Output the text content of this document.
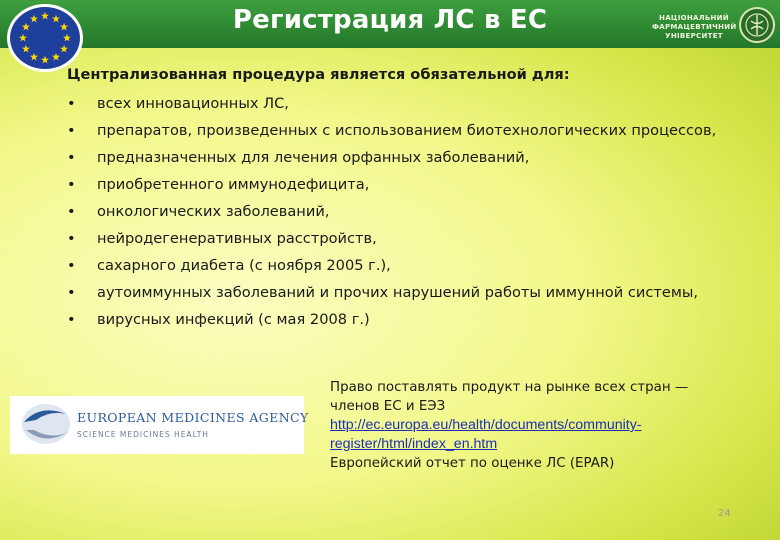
Регистрация ЛС в ЕС	НАЦІОНАЛЬНИЙ
ФАРМАЦЕВТИЧНИЙ
УНІВЕРСИТЕТ
Централизованная процедура является обязательной для:
• всех инновационных ЛС,
• препаратов, произведенных с использованием биотехнологических процессов,
• предназначенных для лечения орфанных заболеваний,
• приобретенного иммунодефицита,
• онкологических заболеваний,
• нейродегенеративных расстройств,
• сахарного диабета (с ноября 2005 г.),
• аутоиммунных заболеваний и прочих нарушений работы иммунной системы,
• вирусных инфекций (с мая 2008 г.)
EUROPEAN MEDICINES AGENCY
SCIENCE MEDICINES HEALTH
Право поставлять продукт на рынке всех стран —
членов ЕС и ЕЭЗ
http://ec.europa.eu/health/documents/community-register/html/index_en.htm
Европейский отчет по оценке ЛС (EPAR)
24
